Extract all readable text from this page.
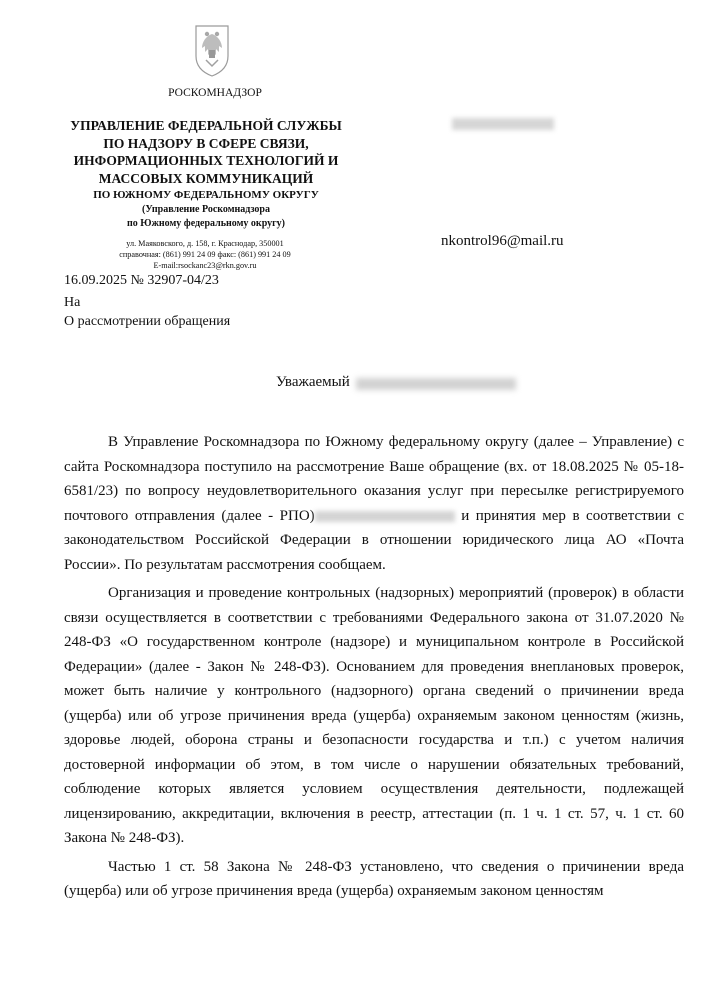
РОСКОМНАДЗОР
УПРАВЛЕНИЕ ФЕДЕРАЛЬНОЙ СЛУЖБЫ
ПО НАДЗОРУ В СФЕРЕ СВЯЗИ,
ИНФОРМАЦИОННЫХ ТЕХНОЛОГИЙ И
МАССОВЫХ КОММУНИКАЦИЙ
ПО ЮЖНОМУ ФЕДЕРАЛЬНОМУ ОКРУГУ
(Управление Роскомнадзора
по Южному федеральному округу)
ул. Маяковского, д. 158, г. Краснодар, 350001
справочная: (861) 991 24 09 факс: (861) 991 24 09
E-mail:rsockanc23@rkn.gov.ru
nkontrol96@mail.ru
16.09.2025 № 32907-04/23
На
О рассмотрении обращения
Уважаемый

В Управление Роскомнадзора по Южному федеральному округу (далее – Управление) с сайта Роскомнадзора поступило на рассмотрение Ваше обращение (вх. от 18.08.2025 № 05-18-6581/23) по вопросу неудовлетворительного оказания услуг при пересылке регистрируемого почтового отправления (далее - РПО)	и принятия мер в соответствии с законодательством Российской Федерации в отношении юридического лица АО «Почта России». По результатам рассмотрения сообщаем.

Организация и проведение контрольных (надзорных) мероприятий (проверок) в области связи осуществляется в соответствии с требованиями Федерального закона от 31.07.2020 № 248-ФЗ «О государственном контроле (надзоре) и муниципальном контроле в Российской Федерации» (далее - Закон № 248-ФЗ). Основанием для проведения внеплановых проверок, может быть наличие у контрольного (надзорного) органа сведений о причинении вреда (ущерба) или об угрозе причинения вреда (ущерба) охраняемым законом ценностям (жизнь, здоровье людей, оборона страны и безопасности государства и т.п.) с учетом наличия достоверной информации об этом, в том числе о нарушении обязательных требований, соблюдение которых является условием осуществления деятельности, подлежащей лицензированию, аккредитации, включения в реестр, аттестации (п. 1 ч. 1 ст. 57, ч. 1 ст. 60 Закона № 248-ФЗ).

Частью 1 ст. 58 Закона № 248-ФЗ установлено, что сведения о причинении вреда (ущерба) или об угрозе причинения вреда (ущерба) охраняемым законом ценностям
